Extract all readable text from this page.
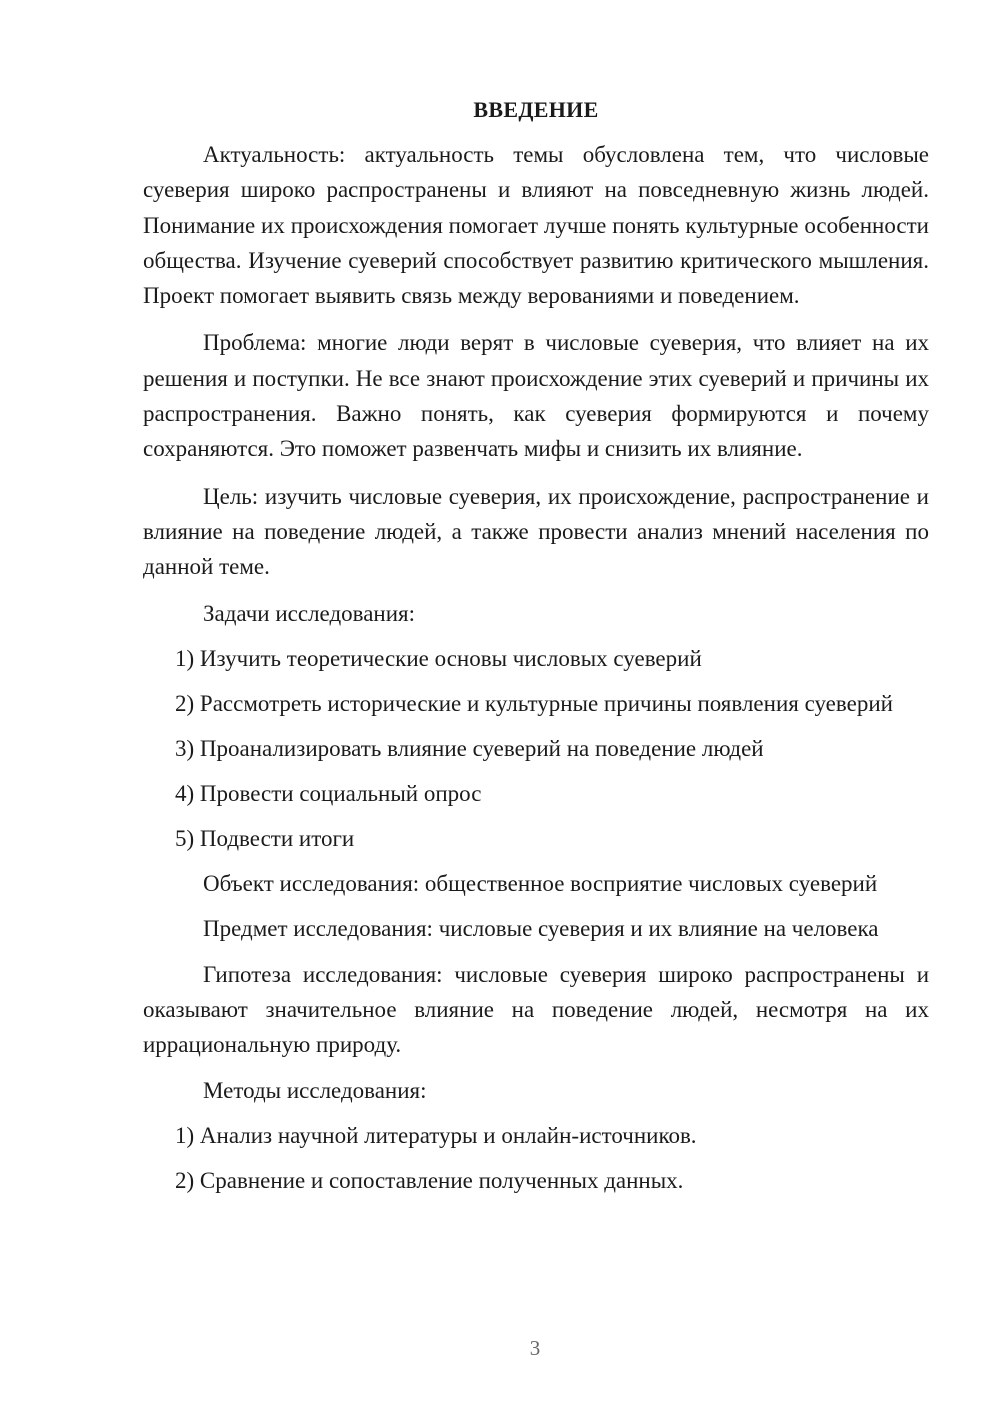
ВВЕДЕНИЕ

Актуальность: актуальность темы обусловлена тем, что числовые суеверия широко распространены и влияют на повседневную жизнь людей. Понимание их происхождения помогает лучше понять культурные особенности общества. Изучение суеверий способствует развитию критического мышления. Проект помогает выявить связь между верованиями и поведением.

Проблема: многие люди верят в числовые суеверия, что влияет на их решения и поступки. Не все знают происхождение этих суеверий и причины их распространения. Важно понять, как суеверия формируются и почему сохраняются. Это поможет развенчать мифы и снизить их влияние.

Цель: изучить числовые суеверия, их происхождение, распространение и влияние на поведение людей, а также провести анализ мнений населения по данной теме.

Задачи исследования:

1) Изучить теоретические основы числовых суеверий

2) Рассмотреть исторические и культурные причины появления суеверий

3) Проанализировать влияние суеверий на поведение людей

4) Провести социальный опрос

5) Подвести итоги

Объект исследования: общественное восприятие числовых суеверий

Предмет исследования: числовые суеверия и их влияние на человека

Гипотеза исследования: числовые суеверия широко распространены и оказывают значительное влияние на поведение людей, несмотря на их иррациональную природу.

Методы исследования:

1) Анализ научной литературы и онлайн-источников.

2) Сравнение и сопоставление полученных данных.

3
